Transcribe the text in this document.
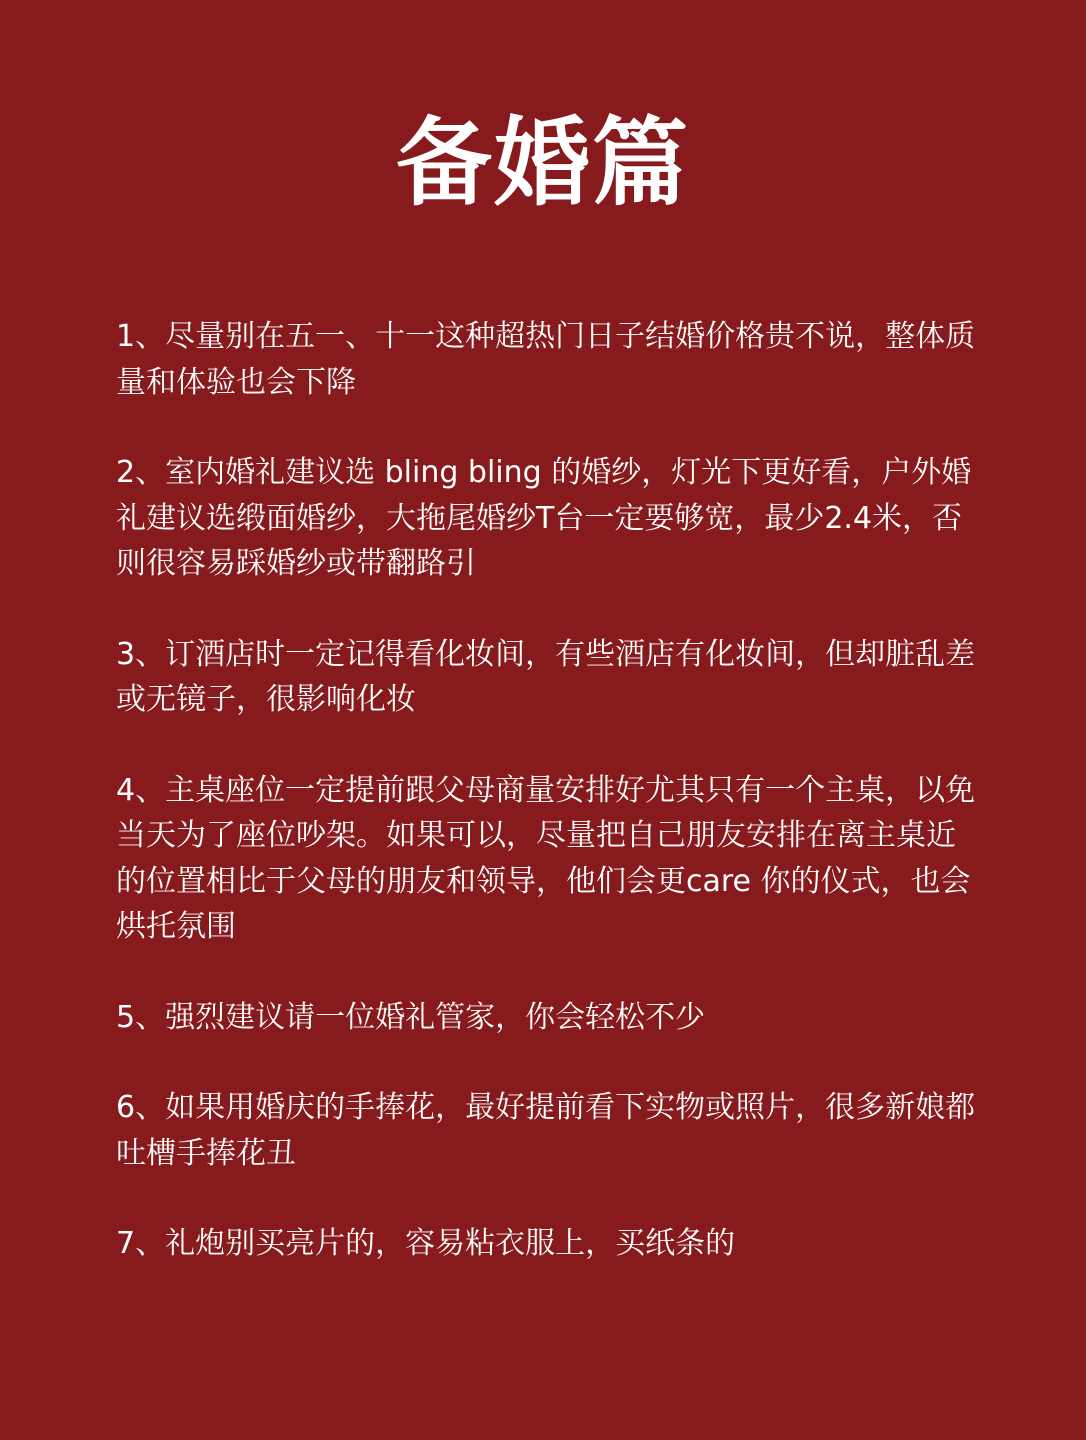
备婚篇
1、尽量别在五一、十一这种超热门日子结婚价格贵不说，整体质量和体验也会下降
2、室内婚礼建议选 bling bling 的婚纱，灯光下更好看，户外婚礼建议选缎面婚纱，大拖尾婚纱T台一定要够宽，最少2.4米，否则很容易踩婚纱或带翻路引
3、订酒店时一定记得看化妆间，有些酒店有化妆间，但却脏乱差或无镜子，很影响化妆
4、主桌座位一定提前跟父母商量安排好尤其只有一个主桌，以免当天为了座位吵架。如果可以，尽量把自己朋友安排在离主桌近的位置相比于父母的朋友和领导，他们会更care 你的仪式，也会烘托氛围
5、强烈建议请一位婚礼管家，你会轻松不少
6、如果用婚庆的手捧花，最好提前看下实物或照片，很多新娘都吐槽手捧花丑
7、礼炮别买亮片的，容易粘衣服上，买纸条的
